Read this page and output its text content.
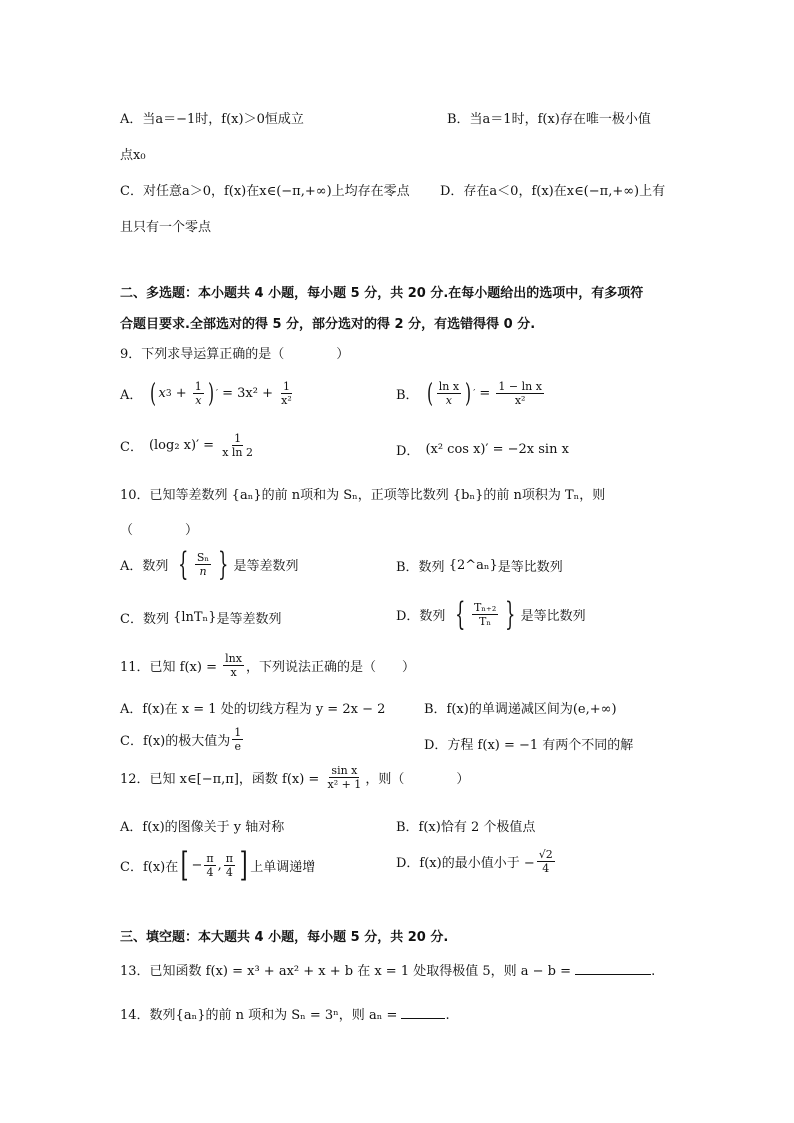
A．当a＝−1时，f(x)＞0恒成立	B．当a＝1时，f(x)存在唯一极小值
点x₀
C．对任意a＞0，f(x)在x∈(−π,+∞)上均存在零点 D．存在a＜0，f(x)在x∈(−π,+∞)上有
且只有一个零点
二、多选题：本小题共 4 小题，每小题 5 分，共 20 分.在每小题给出的选项中，有多项符
合题目要求.全部选对的得 5 分，部分选对的得 2 分，有选错得得 0 分.
9．下列求导运算正确的是（　　　　）
A． ( x $3 + \frac{1}{x}$ ) ′
= 3x² +
$\frac{1}{\text{x²}}$	B． ( $\frac{\text{ln x}}{x}$ ) ′ = $\frac{\text{1 − ln x}}{\text{x²}}$
C． (log₂ x)′ =
$\frac{1}{\text{x ln 2}}$	D． (x² cos x)′ = −2x sin x
10．已知等差数列 {aₙ}的前 n项和为 Sₙ，正项等比数列 {bₙ}的前 n项积为 Tₙ，则
（　　　　）
A．数列
{ $\frac{\text{Sₙ}}{n}$ } 是等差数列	B．数列 { 2^aₙ } 是等比数列
C．数列 { lnTₙ } 是等差数列	D．数列
{ $\frac{\text{Tₙ₊₂}}{\text{Tₙ}}$ } 是等比数列
11．已知 f(x) =
$\frac{\ln x}{x}$ ，下列说法正确的是（　　）
A．f(x)在 x = 1 处的切线方程为 y = 2x − 2	B．f(x)的单调递减区间为(e,+∞)
C．f(x)的极大值为 $\frac{1}{e}$	D．方程 f(x) = −1 有两个不同的解
12．已知 x∈[−π,π]，函数 f(x) =
$\frac{\text{sin x}}{\text{x² + 1}}$ ，则（　　　　）
A．f(x)的图像关于 y 轴对称	B．f(x)恰有 2 个极值点
C．f(x)在 [ − $\frac{\pi}{4}$ , $\frac{\pi}{4}$ ] 上单调递增	D．f(x)的最小值小于 − $\frac{√2}{4}$
三、填空题：本大题共 4 小题，每小题 5 分，共 20 分.
13．已知函数 f(x) = x³ + ax² + x + b 在 x = 1 处取得极值 5，则 a − b =	.
14．数列{aₙ}的前 n 项和为 Sₙ = 3ⁿ，则 aₙ =	.
